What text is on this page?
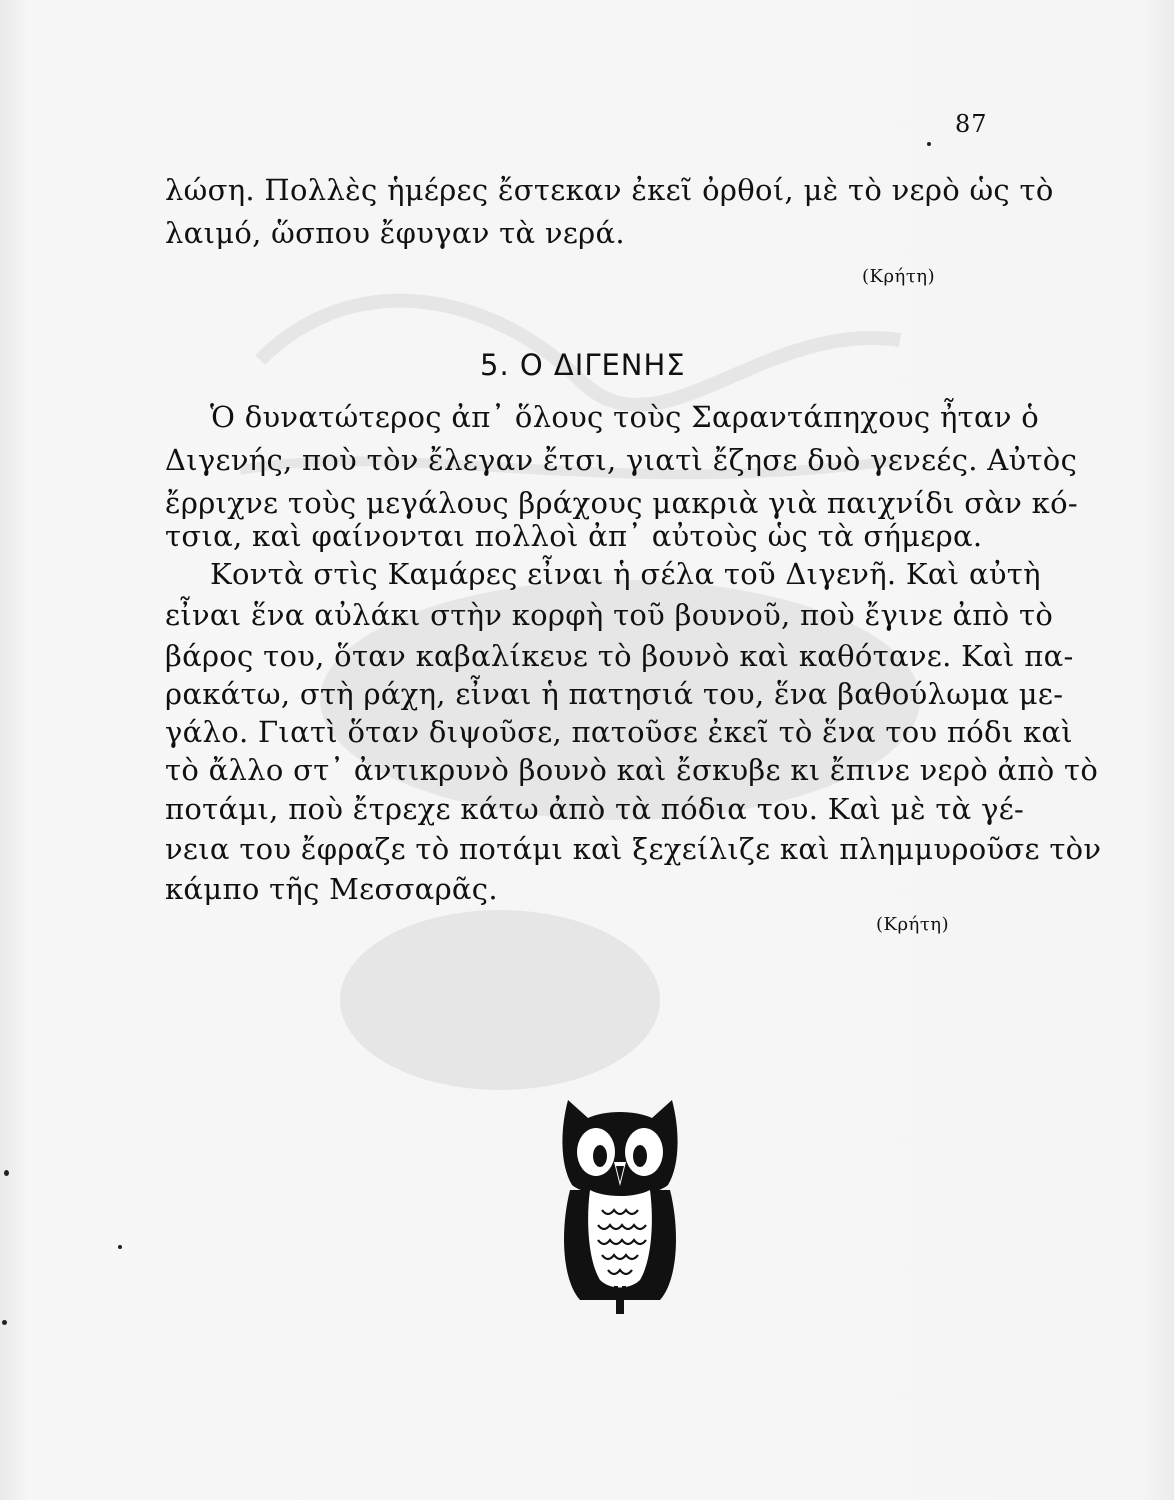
87
λώση. Πολλὲς ἡμέρες ἔστεκαν ἐκεῖ ὀρθοί, μὲ τὸ νερὸ ὡς τὸ
λαιμό, ὥσπου ἔφυγαν τὰ νερά.
(Κρήτη)
5. Ο ΔΙΓΕΝΗΣ
Ὁ δυνατώτερος ἀπ᾿ ὅλους τοὺς Σαραντάπηχους ἦταν ὁ
Διγενής, ποὺ τὸν ἔλεγαν ἔτσι, γιατὶ ἔζησε δυὸ γενεές. Αὐτὸς
ἔρριχνε τοὺς μεγάλους βράχους μακριὰ γιὰ παιχνίδι σὰν κό-
τσια, καὶ φαίνονται πολλοὶ ἀπ᾿ αὐτοὺς ὡς τὰ σήμερα.
Κοντὰ στὶς Καμάρες εἶναι ἡ σέλα τοῦ Διγενῆ. Καὶ αὐτὴ
εἶναι ἕνα αὐλάκι στὴν κορφὴ τοῦ βουνοῦ, ποὺ ἔγινε ἀπὸ τὸ
βάρος του, ὅταν καβαλίκευε τὸ βουνὸ καὶ καθότανε. Καὶ πα-
ρακάτω, στὴ ράχη, εἶναι ἡ πατησιά του, ἕνα βαθούλωμα με-
γάλο. Γιατὶ ὅταν διψοῦσε, πατοῦσε ἐκεῖ τὸ ἕνα του πόδι καὶ
τὸ ἄλλο στ᾿ ἀντικρυνὸ βουνὸ καὶ ἔσκυβε κι ἔπινε νερὸ ἀπὸ τὸ
ποτάμι, ποὺ ἔτρεχε κάτω ἀπὸ τὰ πόδια του. Καὶ μὲ τὰ γέ-
νεια του ἔφραζε τὸ ποτάμι καὶ ξεχείλιζε καὶ πλημμυροῦσε τὸν
κάμπο τῆς Μεσσαρᾶς.
(Κρήτη)
